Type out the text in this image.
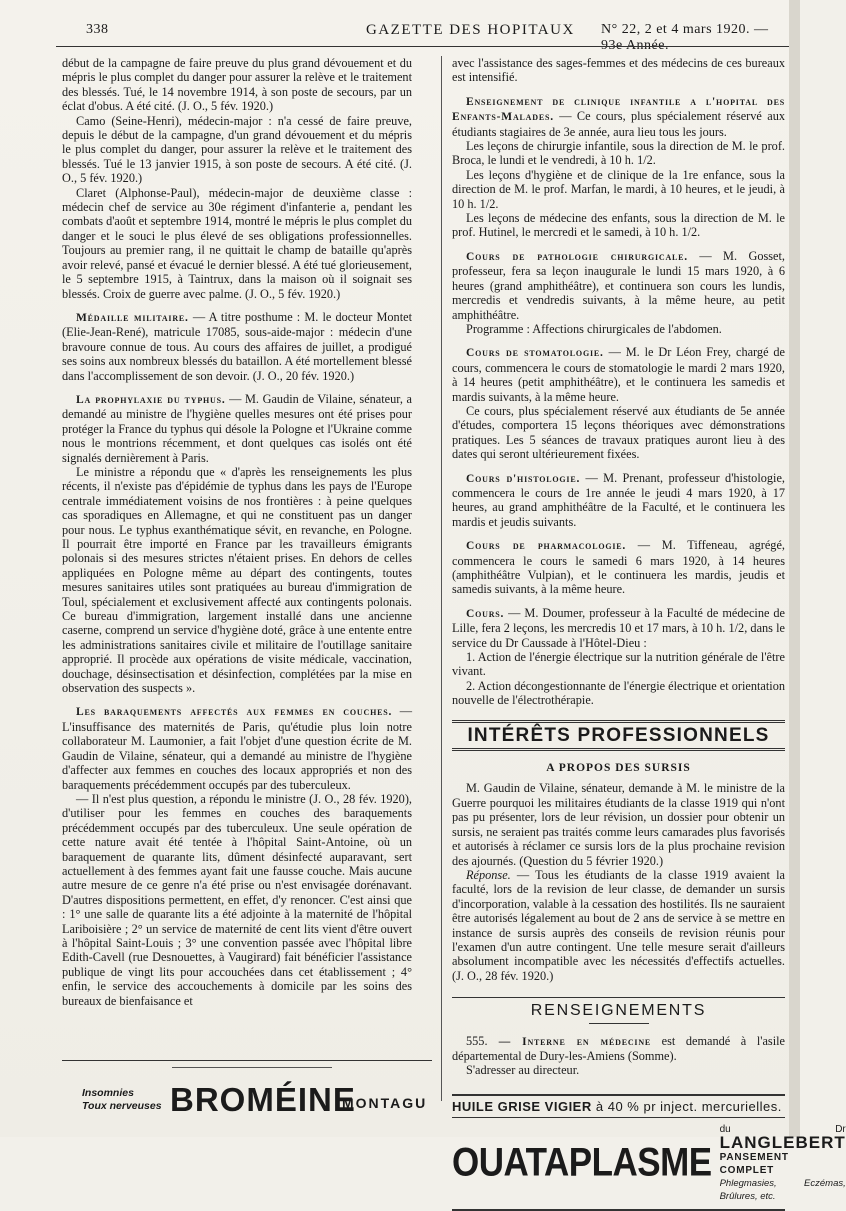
338	GAZETTE DES HOPITAUX N° 22, 2 et 4 mars 1920. — 93e Année.

début de la campagne de faire preuve du plus grand dévouement et du mépris le plus complet du danger pour assurer la relève et le traitement des blessés. Tué, le 14 novembre 1914, à son poste de secours, par un éclat d'obus. A été cité. (J. O., 5 fév. 1920.)

Camo (Seine-Henri), médecin-major : n'a cessé de faire preuve, depuis le début de la campagne, d'un grand dévouement et du mépris le plus complet du danger, pour assurer la relève et le traitement des blessés. Tué le 13 janvier 1915, à son poste de secours. A été cité. (J. O., 5 fév. 1920.)

Claret (Alphonse-Paul), médecin-major de deuxième classe : médecin chef de service au 30e régiment d'infanterie a, pendant les combats d'août et septembre 1914, montré le mépris le plus complet du danger et le souci le plus élevé de ses obligations professionnelles. Toujours au premier rang, il ne quittait le champ de bataille qu'après avoir relevé, pansé et évacué le dernier blessé. A été tué glorieusement, le 5 septembre 1915, à Taintrux, dans la maison où il soignait ses blessés. Croix de guerre avec palme. (J. O., 5 fév. 1920.)

Médaille militaire. — A titre posthume : M. le docteur Montet (Elie-Jean-René), matricule 17085, sous-aide-major : médecin d'une bravoure connue de tous. Au cours des affaires de juillet, a prodigué ses soins aux nombreux blessés du bataillon. A été mortellement blessé dans l'accomplissement de son devoir. (J. O., 20 fév. 1920.)

La prophylaxie du typhus. — M. Gaudin de Vilaine, sénateur, a demandé au ministre de l'hygiène quelles mesures ont été prises pour protéger la France du typhus qui désole la Pologne et l'Ukraine comme nous le montrions récemment, et dont quelques cas isolés ont été signalés dernièrement à Paris.

Le ministre a répondu que « d'après les renseignements les plus récents, il n'existe pas d'épidémie de typhus dans les pays de l'Europe centrale immédiatement voisins de nos frontières : à peine quelques cas sporadiques en Allemagne, et qui ne constituent pas un danger pour nous. Le typhus exanthématique sévit, en revanche, en Pologne. Il pourrait être importé en France par les travailleurs émigrants polonais si des mesures strictes n'étaient prises. En dehors de celles appliquées en Pologne même au départ des contingents, toutes mesures sanitaires utiles sont pratiquées au bureau d'immigration de Toul, spécialement et exclusivement affecté aux contingents polonais. Ce bureau d'immigration, largement installé dans une ancienne caserne, comprend un service d'hygiène doté, grâce à une entente entre les administrations sanitaires civile et militaire de l'outillage sanitaire approprié. Il procède aux opérations de visite médicale, vaccination, douchage, désinsectisation et désinfection, complétées par la mise en observation des suspects ».

Les baraquements affectés aux femmes en couches. — L'insuffisance des maternités de Paris, qu'étudie plus loin notre collaborateur M. Laumonier, a fait l'objet d'une question écrite de M. Gaudin de Vilaine, sénateur, qui a demandé au ministre de l'hygiène d'affecter aux femmes en couches des locaux appropriés et non des baraquements précédemment occupés par des tuberculeux.

— Il n'est plus question, a répondu le ministre (J. O., 28 fév. 1920), d'utiliser pour les femmes en couches des baraquements précédemment occupés par des tuberculeux. Une seule opération de cette nature avait été tentée à l'hôpital Saint-Antoine, où un baraquement de quarante lits, dûment désinfecté auparavant, sert actuellement à des femmes ayant fait une fausse couche. Mais aucune autre mesure de ce genre n'a été prise ou n'est envisagée dorénavant. D'autres dispositions permettent, en effet, d'y renoncer. C'est ainsi que : 1° une salle de quarante lits a été adjointe à la maternité de l'hôpital Lariboisière ; 2° un service de maternité de cent lits vient d'être ouvert à l'hôpital Saint-Louis ; 3° une convention passée avec l'hôpital libre Edith-Cavell (rue Desnouettes, à Vaugirard) fait bénéficier l'assistance publique de vingt lits pour accouchées dans cet établissement ; 4° enfin, le service des accouchements à domicile par les soins des bureaux de bienfaisance et

avec l'assistance des sages-femmes et des médecins de ces bureaux est intensifié.

Enseignement de clinique infantile a l'hopital des Enfants-Malades. — Ce cours, plus spécialement réservé aux étudiants stagiaires de 3e année, aura lieu tous les jours.

Les leçons de chirurgie infantile, sous la direction de M. le prof. Broca, le lundi et le vendredi, à 10 h. 1/2.

Les leçons d'hygiène et de clinique de la 1re enfance, sous la direction de M. le prof. Marfan, le mardi, à 10 heures, et le jeudi, à 10 h. 1/2.

Les leçons de médecine des enfants, sous la direction de M. le prof. Hutinel, le mercredi et le samedi, à 10 h. 1/2.

Cours de pathologie chirurgicale. — M. Gosset, professeur, fera sa leçon inaugurale le lundi 15 mars 1920, à 6 heures (grand amphithéâtre), et continuera son cours les lundis, mercredis et vendredis suivants, à la même heure, au petit amphithéâtre.

Programme : Affections chirurgicales de l'abdomen.

Cours de stomatologie. — M. le Dr Léon Frey, chargé de cours, commencera le cours de stomatologie le mardi 2 mars 1920, à 14 heures (petit amphithéâtre), et le continuera les samedis et mardis suivants, à la même heure.

Ce cours, plus spécialement réservé aux étudiants de 5e année d'études, comportera 15 leçons théoriques avec démonstrations pratiques. Les 5 séances de travaux pratiques auront lieu à des dates qui seront ultérieurement fixées.

Cours d'histologie. — M. Prenant, professeur d'histologie, commencera le cours de 1re année le jeudi 4 mars 1920, à 17 heures, au grand amphithéâtre de la Faculté, et le continuera les mardis et jeudis suivants.

Cours de pharmacologie. — M. Tiffeneau, agrégé, commencera le cours le samedi 6 mars 1920, à 14 heures (amphithéâtre Vulpian), et le continuera les mardis, jeudis et samedis suivants, à la même heure.

Cours. — M. Doumer, professeur à la Faculté de médecine de Lille, fera 2 leçons, les mercredis 10 et 17 mars, à 10 h. 1/2, dans le service du Dr Caussade à l'Hôtel-Dieu :

1. Action de l'énergie électrique sur la nutrition générale de l'être vivant.

2. Action décongestionnante de l'énergie électrique et orientation nouvelle de l'électrothérapie.

INTÉRÊTS PROFESSIONNELS
A PROPOS DES SURSIS

M. Gaudin de Vilaine, sénateur, demande à M. le ministre de la Guerre pourquoi les militaires étudiants de la classe 1919 qui n'ont pas pu présenter, lors de leur révision, un dossier pour obtenir un sursis, ne seraient pas traités comme leurs camarades plus favorisés et autorisés à réclamer ce sursis lors de la plus prochaine revision des ajournés. (Question du 5 février 1920.)

Réponse. — Tous les étudiants de la classe 1919 avaient la faculté, lors de la revision de leur classe, de demander un sursis d'incorporation, valable à la cessation des hostilités. Ils ne sauraient être autorisés légalement au bout de 2 ans de service à se mettre en instance de sursis auprès des conseils de revision réunis pour l'examen d'un autre contingent. Une telle mesure serait d'ailleurs absolument incompatible avec les nécessités d'effectifs actuelles. (J. O., 28 fév. 1920.)

RENSEIGNEMENTS

555. — Interne en médecine est demandé à l'asile départemental de Dury-les-Amiens (Somme).

S'adresser au directeur.

HUILE GRISE VIGIER à 40 % pr inject. mercurielles.
OUATAPLASME
du Dr LANGLEBERT
PANSEMENT COMPLET
Phlegmasies, Eczémas, Brûlures, etc.
Insomnies
Toux nerveuses BROMÉINE
MONTAGU
